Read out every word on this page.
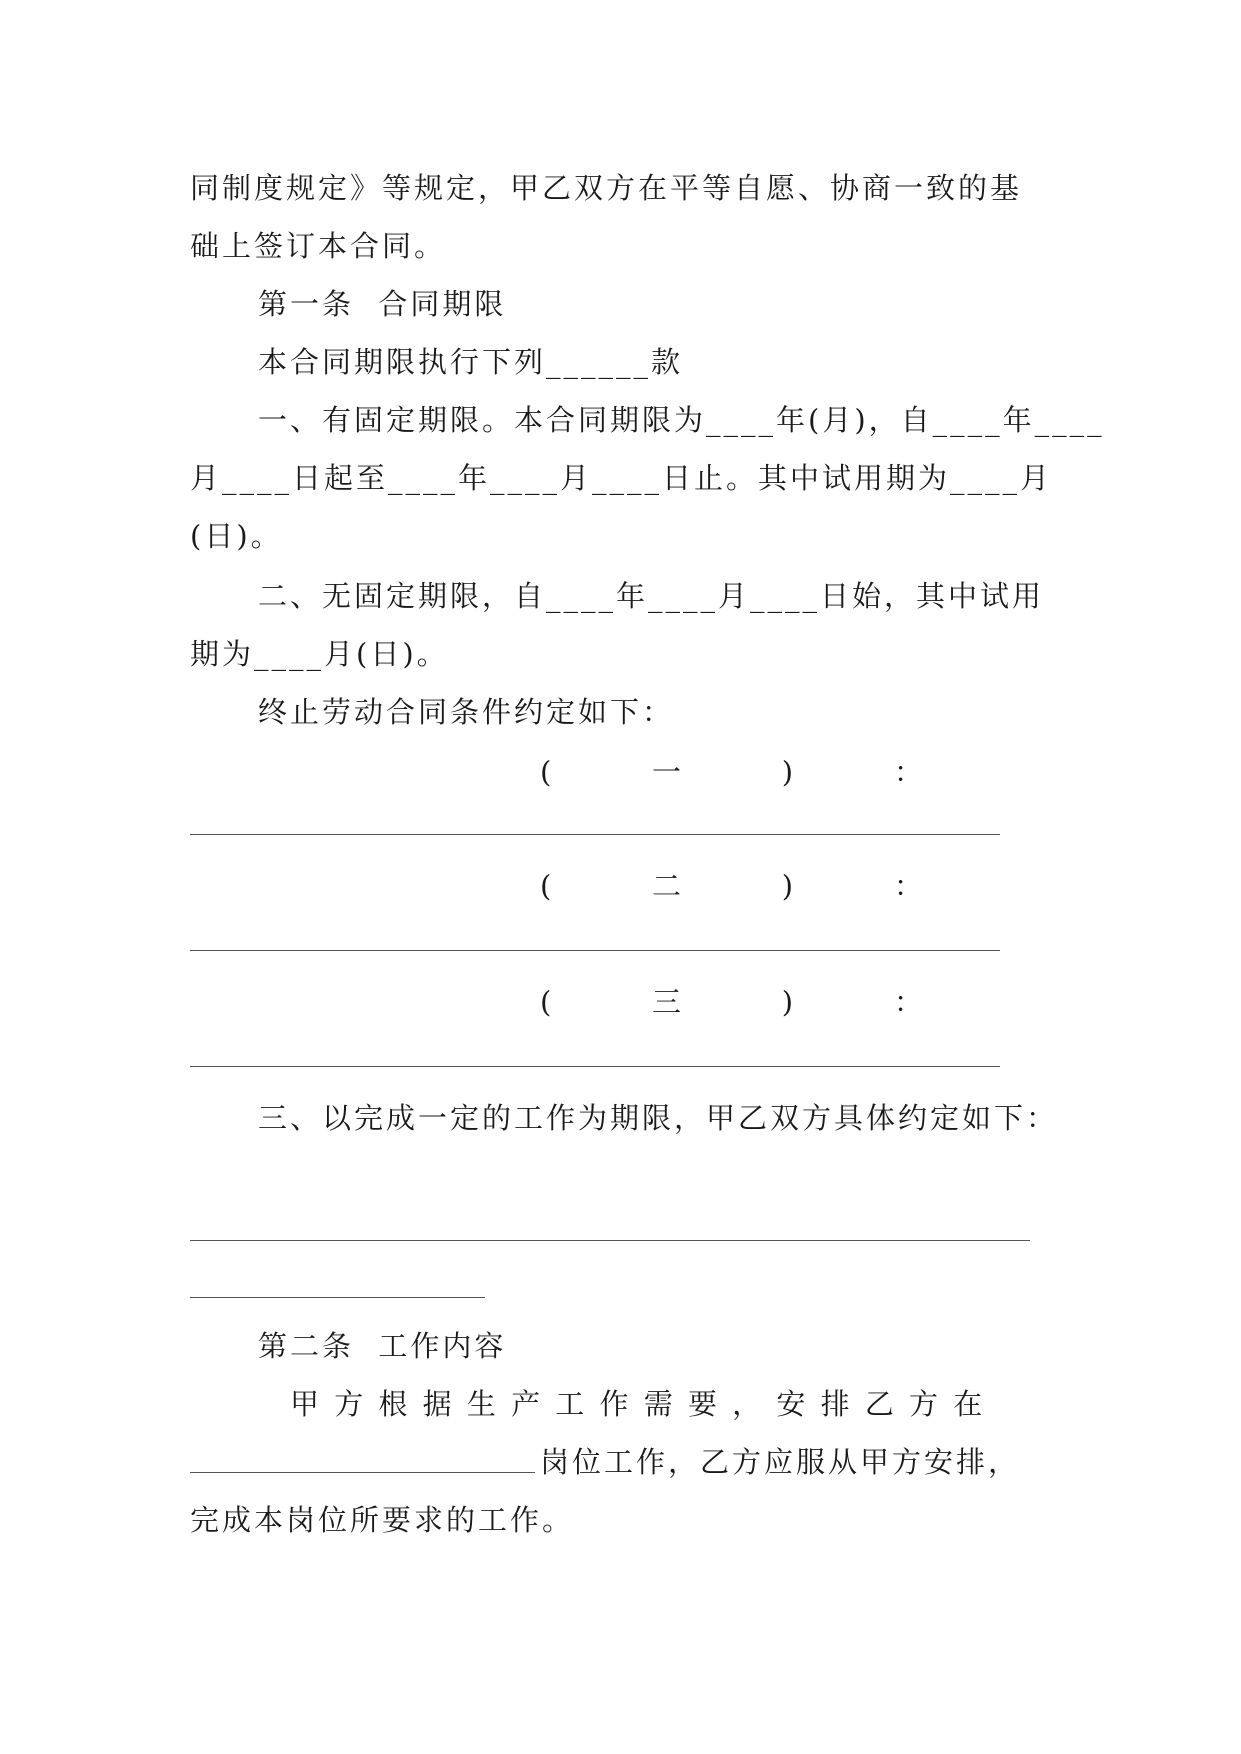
同制度规定》等规定，甲乙双方在平等自愿、协商一致的基
础上签订本合同。
第一条  合同期限
本合同期限执行下列______款
一、有固定期限。本合同期限为____年(月)，自____年____
月____日起至____年____月____日止。其中试用期为____月
(日)。
二、无固定期限，自____年____月____日始，其中试用
期为____月(日)。
终止劳动合同条件约定如下：
(        一        )        ：
(        二        )        ：
(        三        )        ：
三、以完成一定的工作为期限，甲乙双方具体约定如下：
第二条  工作内容
甲 方 根 据 生 产 工 作 需 要 ， 安 排 乙 方 在
岗位工作，乙方应服从甲方安排，
完成本岗位所要求的工作。
